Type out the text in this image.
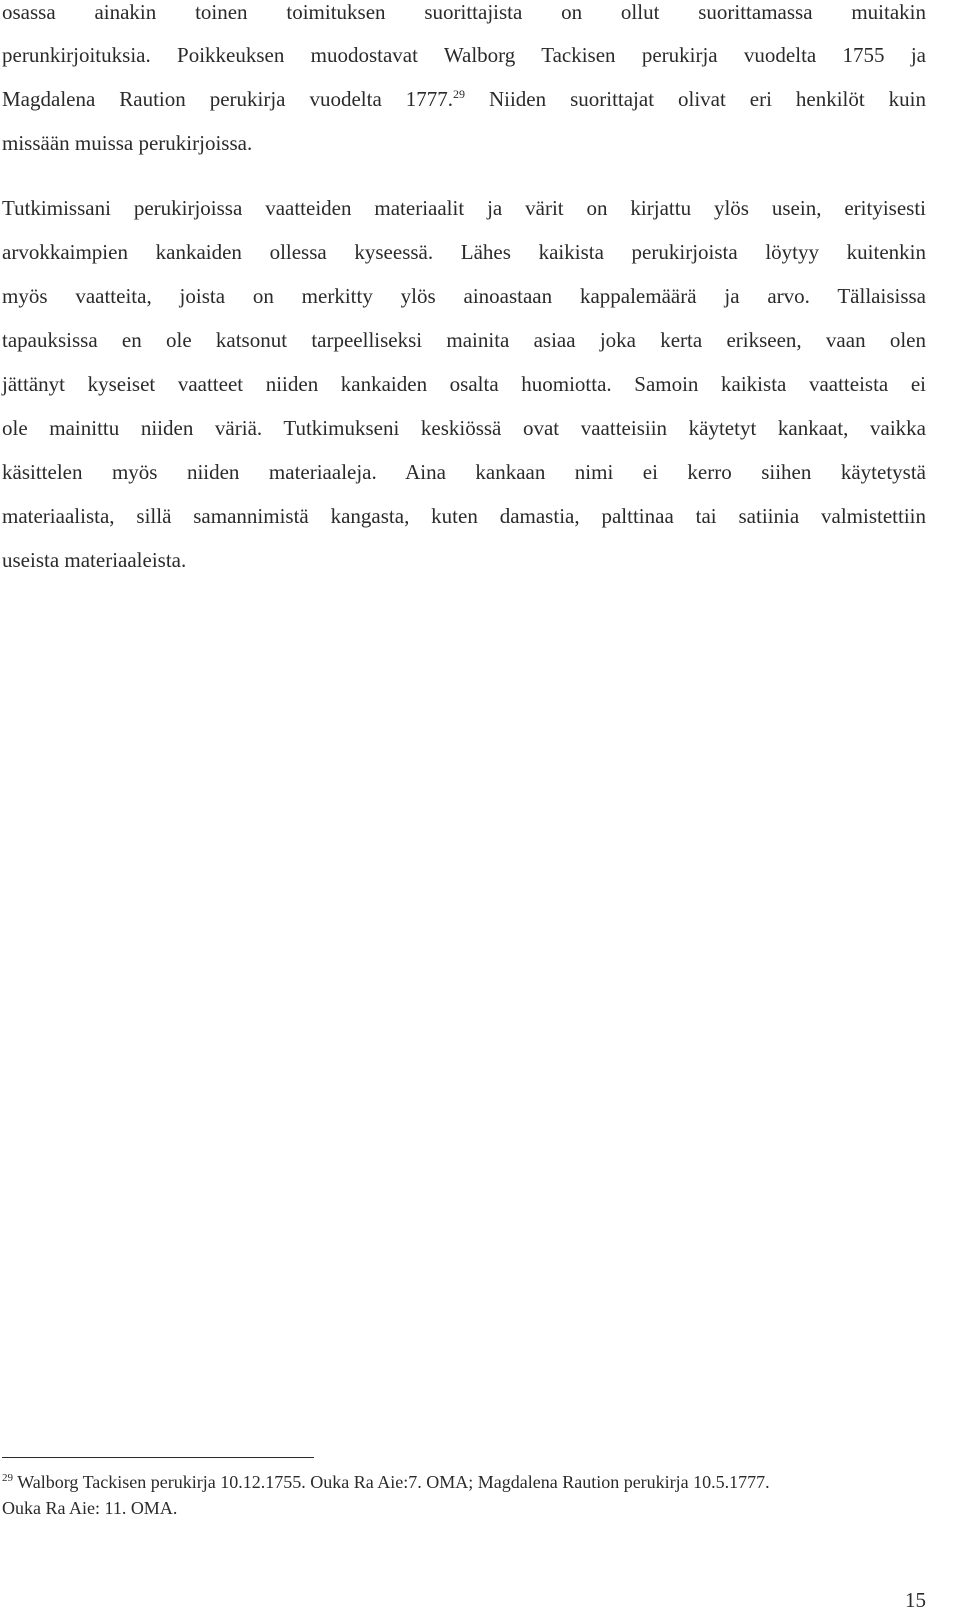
osassa ainakin toinen toimituksen suorittajista on ollut suorittamassa muitakin
perunkirjoituksia. Poikkeuksen muodostavat Walborg Tackisen perukirja vuodelta 1755 ja
Magdalena Raution perukirja vuodelta 1777.29 Niiden suorittajat olivat eri henkilöt kuin
missään muissa perukirjoissa.
Tutkimissani perukirjoissa vaatteiden materiaalit ja värit on kirjattu ylös usein, erityisesti
arvokkaimpien kankaiden ollessa kyseessä. Lähes kaikista perukirjoista löytyy kuitenkin
myös vaatteita, joista on merkitty ylös ainoastaan kappalemäärä ja arvo. Tällaisissa
tapauksissa en ole katsonut tarpeelliseksi mainita asiaa joka kerta erikseen, vaan olen
jättänyt kyseiset vaatteet niiden kankaiden osalta huomiotta. Samoin kaikista vaatteista ei
ole mainittu niiden väriä. Tutkimukseni keskiössä ovat vaatteisiin käytetyt kankaat, vaikka
käsittelen myös niiden materiaaleja. Aina kankaan nimi ei kerro siihen käytetystä
materiaalista, sillä samannimistä kangasta, kuten damastia, palttinaa tai satiinia valmistettiin
useista materiaaleista.
$^{29}$ Walborg Tackisen perukirja 10.12.1755. Ouka Ra Aie:7. OMA; Magdalena Raution perukirja 10.5.1777.
Ouka Ra Aie: 11. OMA.
15
